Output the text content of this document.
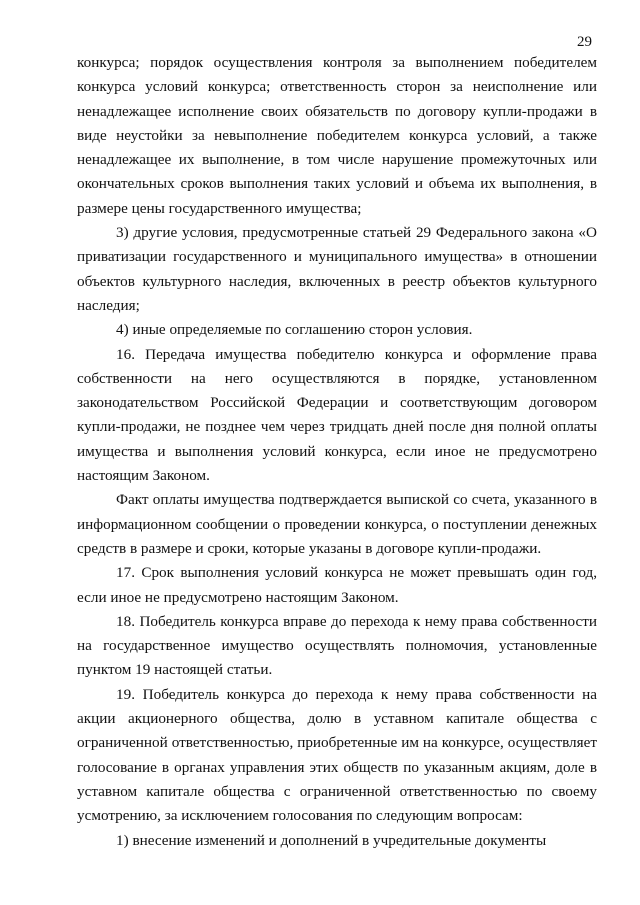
29

конкурса; порядок осуществления контроля за выполнением победителем конкурса условий конкурса; ответственность сторон за неисполнение или ненадлежащее исполнение своих обязательств по договору купли-продажи в виде неустойки за невыполнение победителем конкурса условий, а также ненадлежащее их выполнение, в том числе нарушение промежуточных или окончательных сроков выполнения таких условий и объема их выполнения, в размере цены государственного имущества;

3) другие условия, предусмотренные статьей 29 Федерального закона «О приватизации государственного и муниципального имущества» в отношении объектов культурного наследия, включенных в реестр объектов культурного наследия;

4) иные определяемые по соглашению сторон условия.

16. Передача имущества победителю конкурса и оформление права собственности на него осуществляются в порядке, установленном законодательством Российской Федерации и соответствующим договором купли-продажи, не позднее чем через тридцать дней после дня полной оплаты имущества и выполнения условий конкурса, если иное не предусмотрено настоящим Законом.

Факт оплаты имущества подтверждается выпиской со счета, указанного в информационном сообщении о проведении конкурса, о поступлении денежных средств в размере и сроки, которые указаны в договоре купли-продажи.

17. Срок выполнения условий конкурса не может превышать один год, если иное не предусмотрено настоящим Законом.

18. Победитель конкурса вправе до перехода к нему права собственности на государственное имущество осуществлять полномочия, установленные пунктом 19 настоящей статьи.

19. Победитель конкурса до перехода к нему права собственности на акции акционерного общества, долю в уставном капитале общества с ограниченной ответственностью, приобретенные им на конкурсе, осуществляет голосование в органах управления этих обществ по указанным акциям, доле в уставном капитале общества с ограниченной ответственностью по своему усмотрению, за исключением голосования по следующим вопросам:

1) внесение изменений и дополнений в учредительные документы
